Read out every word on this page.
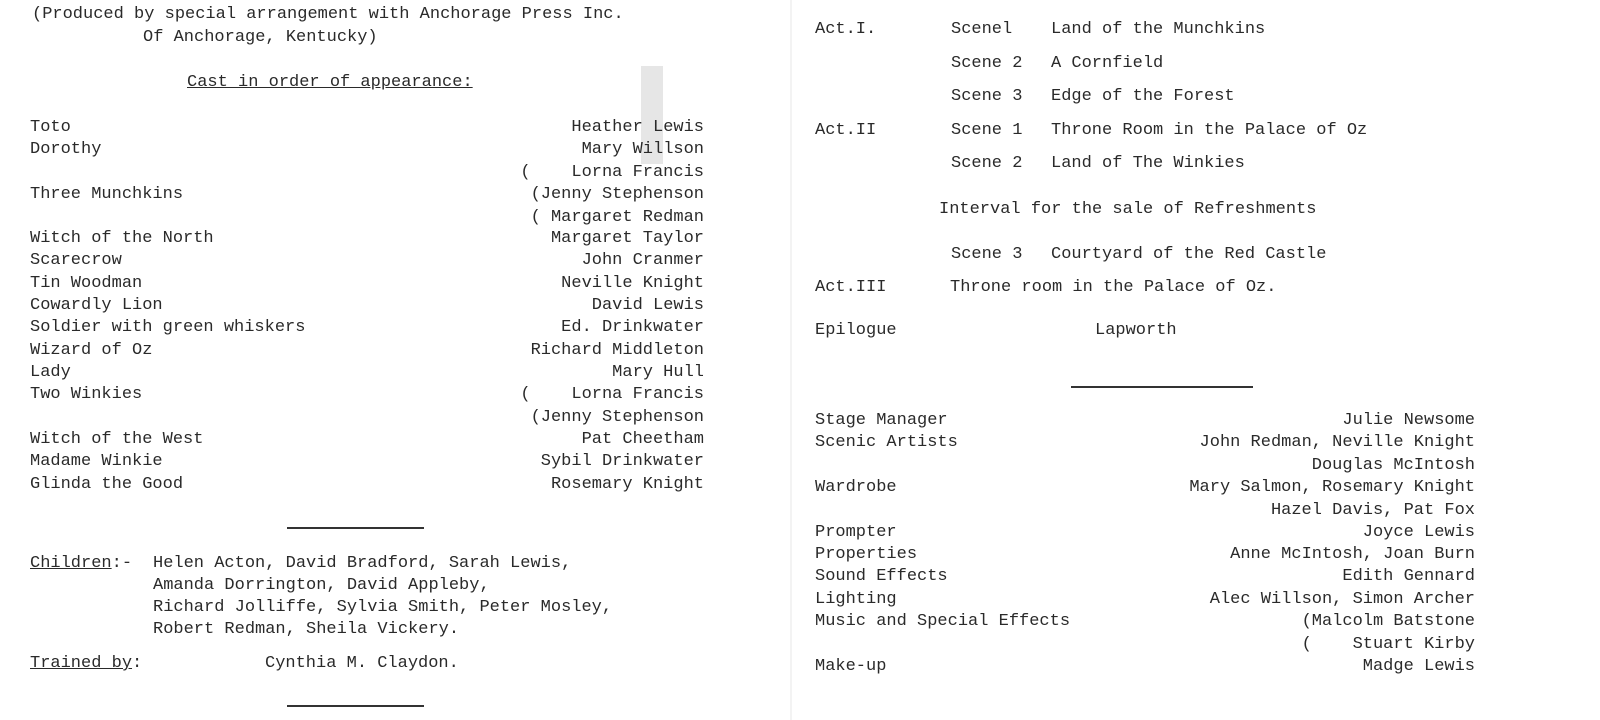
(Produced by special arrangement with Anchorage Press Inc.
Of Anchorage, Kentucky)
Cast in order of appearance:
Toto	Heather Lewis
Dorothy	Mary Willson
(    Lorna Francis
Three Munchkins	(Jenny Stephenson
( Margaret Redman
Witch of the North	Margaret Taylor
Scarecrow	John Cranmer
Tin Woodman	Neville Knight
Cowardly Lion	David Lewis
Soldier with green whiskers	Ed. Drinkwater
Wizard of Oz	Richard Middleton
Lady	Mary Hull
Two Winkies	(    Lorna Francis
(Jenny Stephenson
Witch of the West	Pat Cheetham
Madame Winkie	Sybil Drinkwater
Glinda the Good	Rosemary Knight
Children:- Helen Acton, David Bradford, Sarah Lewis,
Amanda Dorrington, David Appleby,
Richard Jolliffe, Sylvia Smith, Peter Mosley,
Robert Redman, Sheila Vickery.
Trained by:	Cynthia M. Claydon.
Act.I.	Scenel Land of the Munchkins
Scene 2 A Cornfield
Scene 3 Edge of the Forest
Act.II	Scene 1 Throne Room in the Palace of Oz
Scene 2 Land of The Winkies
Scene 3 Courtyard of the Red Castle
Act.III	Throne room in the Palace of Oz.
Interval for the sale of Refreshments
Epilogue	Lapworth
Stage Manager	Julie Newsome
Scenic Artists	John Redman, Neville Knight
Douglas McIntosh
Wardrobe	Mary Salmon, Rosemary Knight
Hazel Davis, Pat Fox
Prompter	Joyce Lewis
Properties	Anne McIntosh, Joan Burn
Sound Effects	Edith Gennard
Lighting	Alec Willson, Simon Archer
Music and Special Effects	(Malcolm Batstone
(    Stuart Kirby
Make-up	Madge Lewis
